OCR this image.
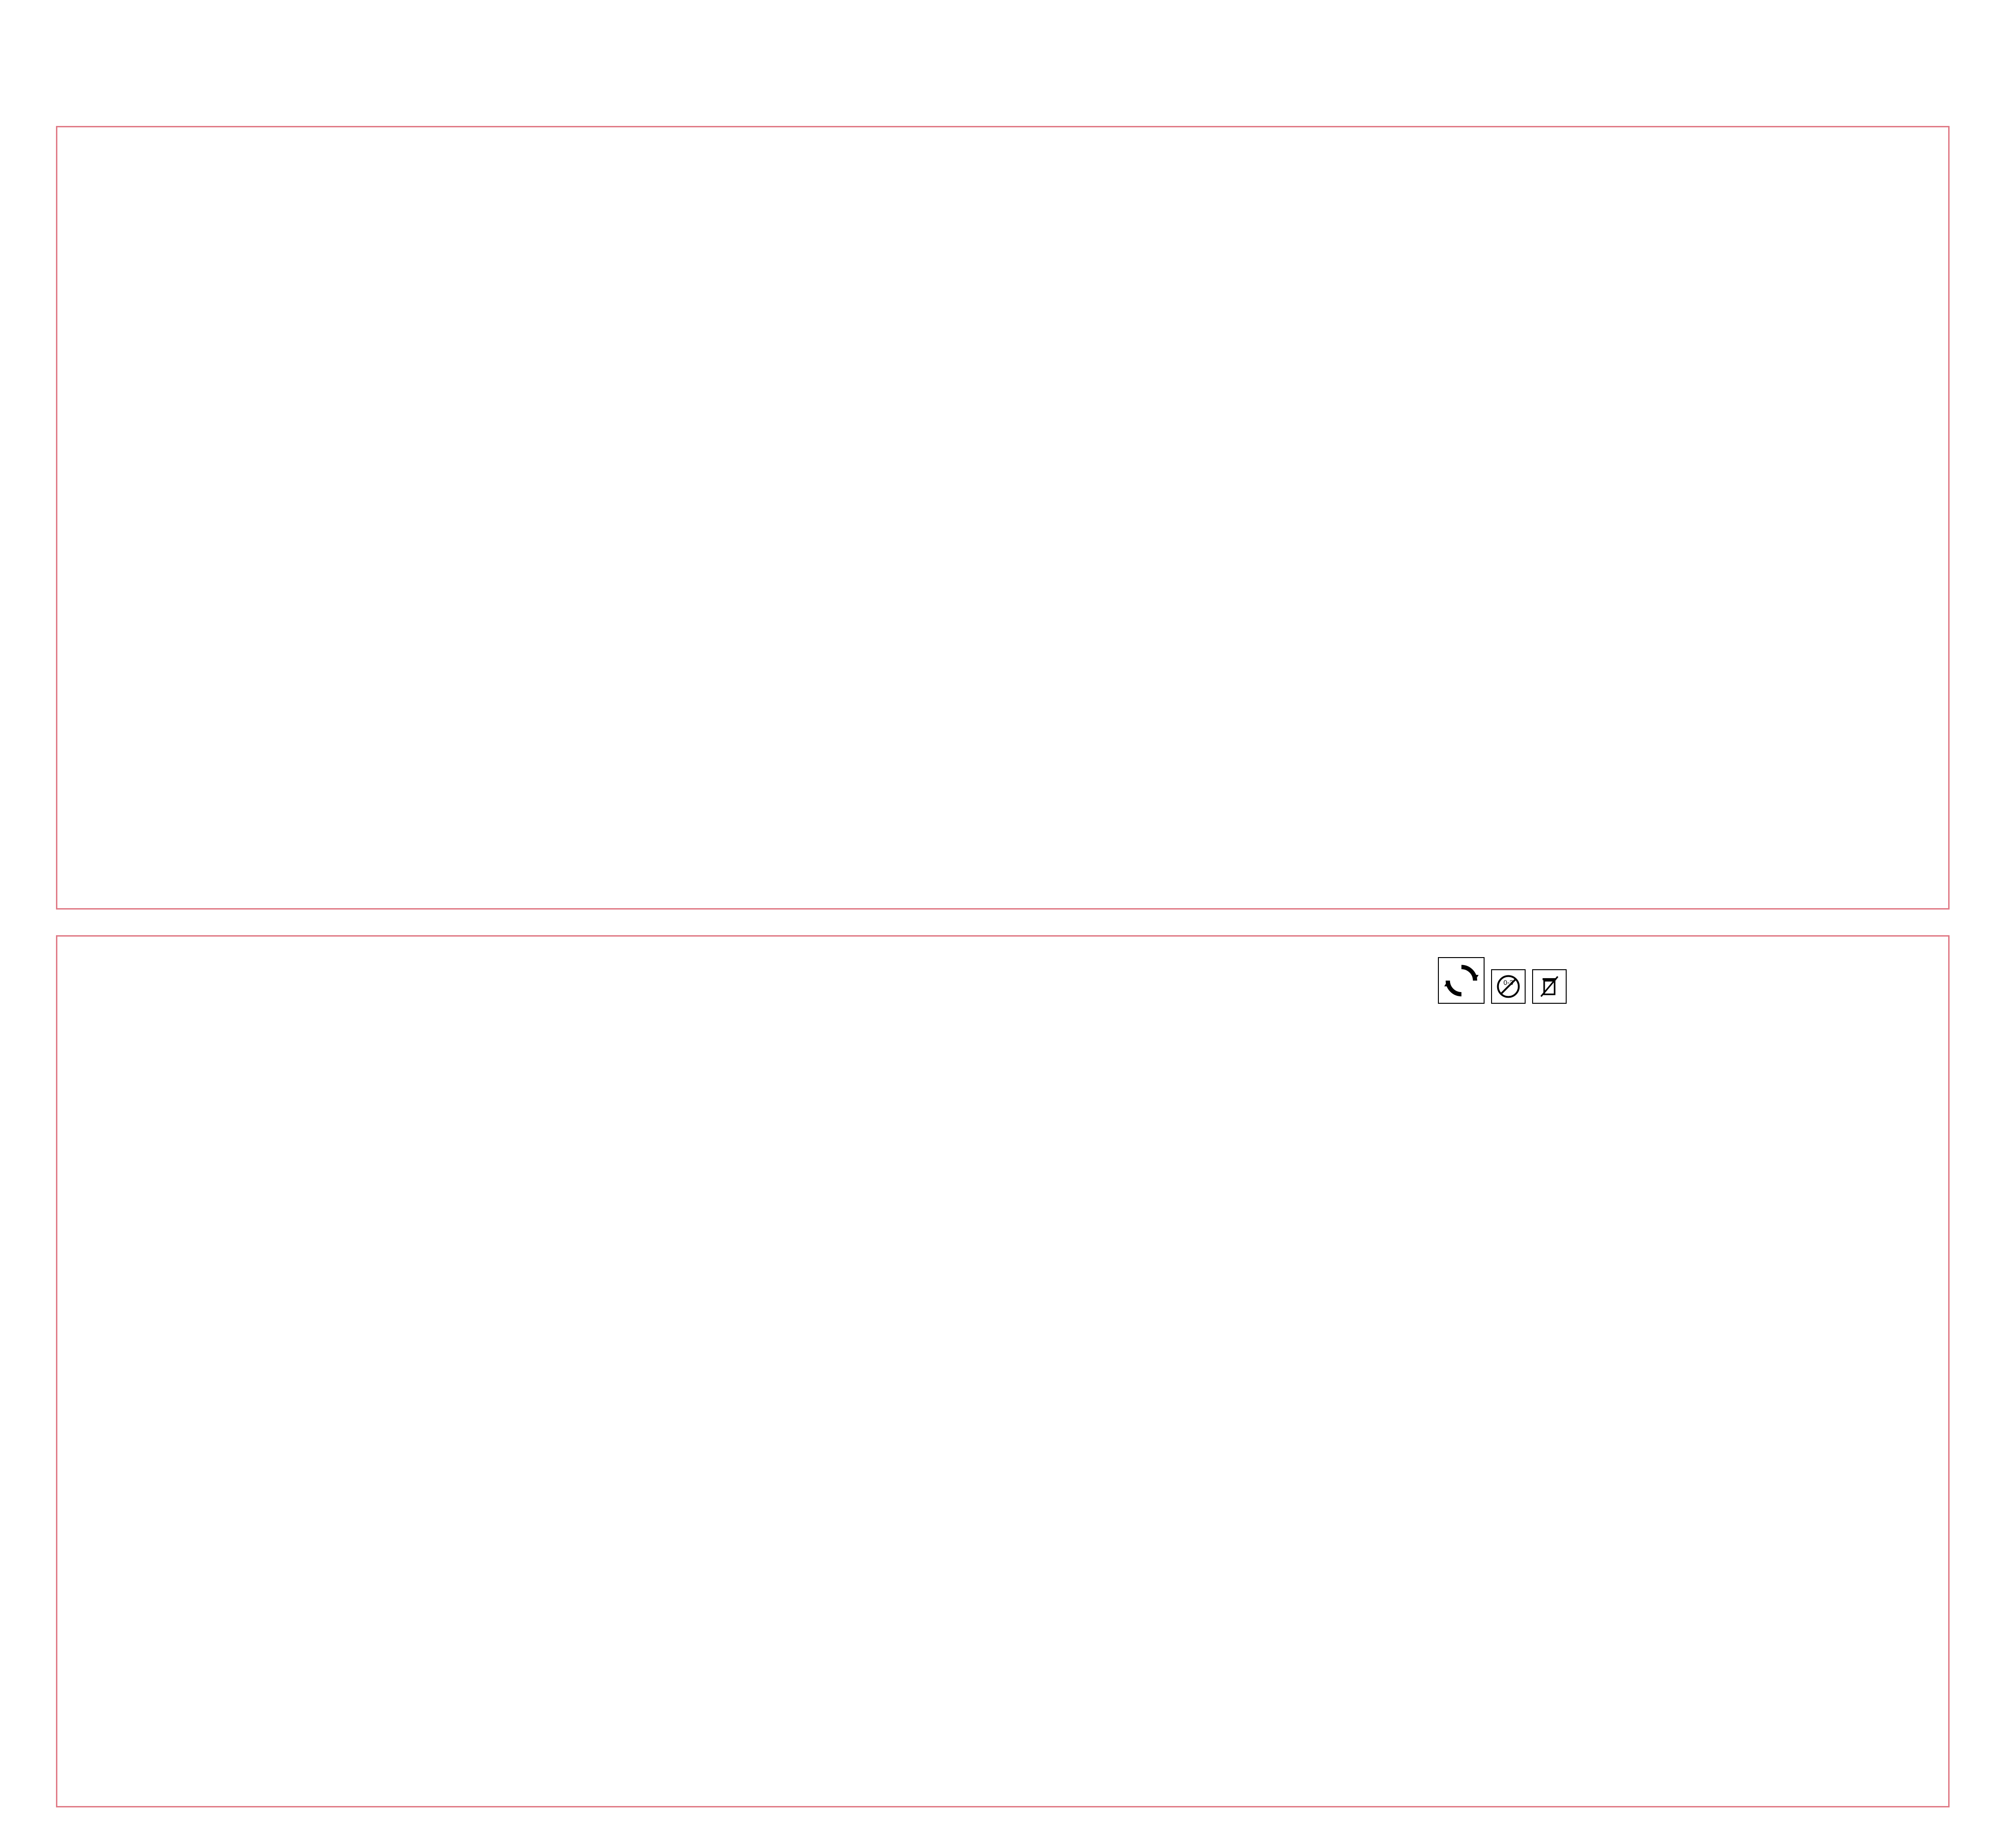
0-3
